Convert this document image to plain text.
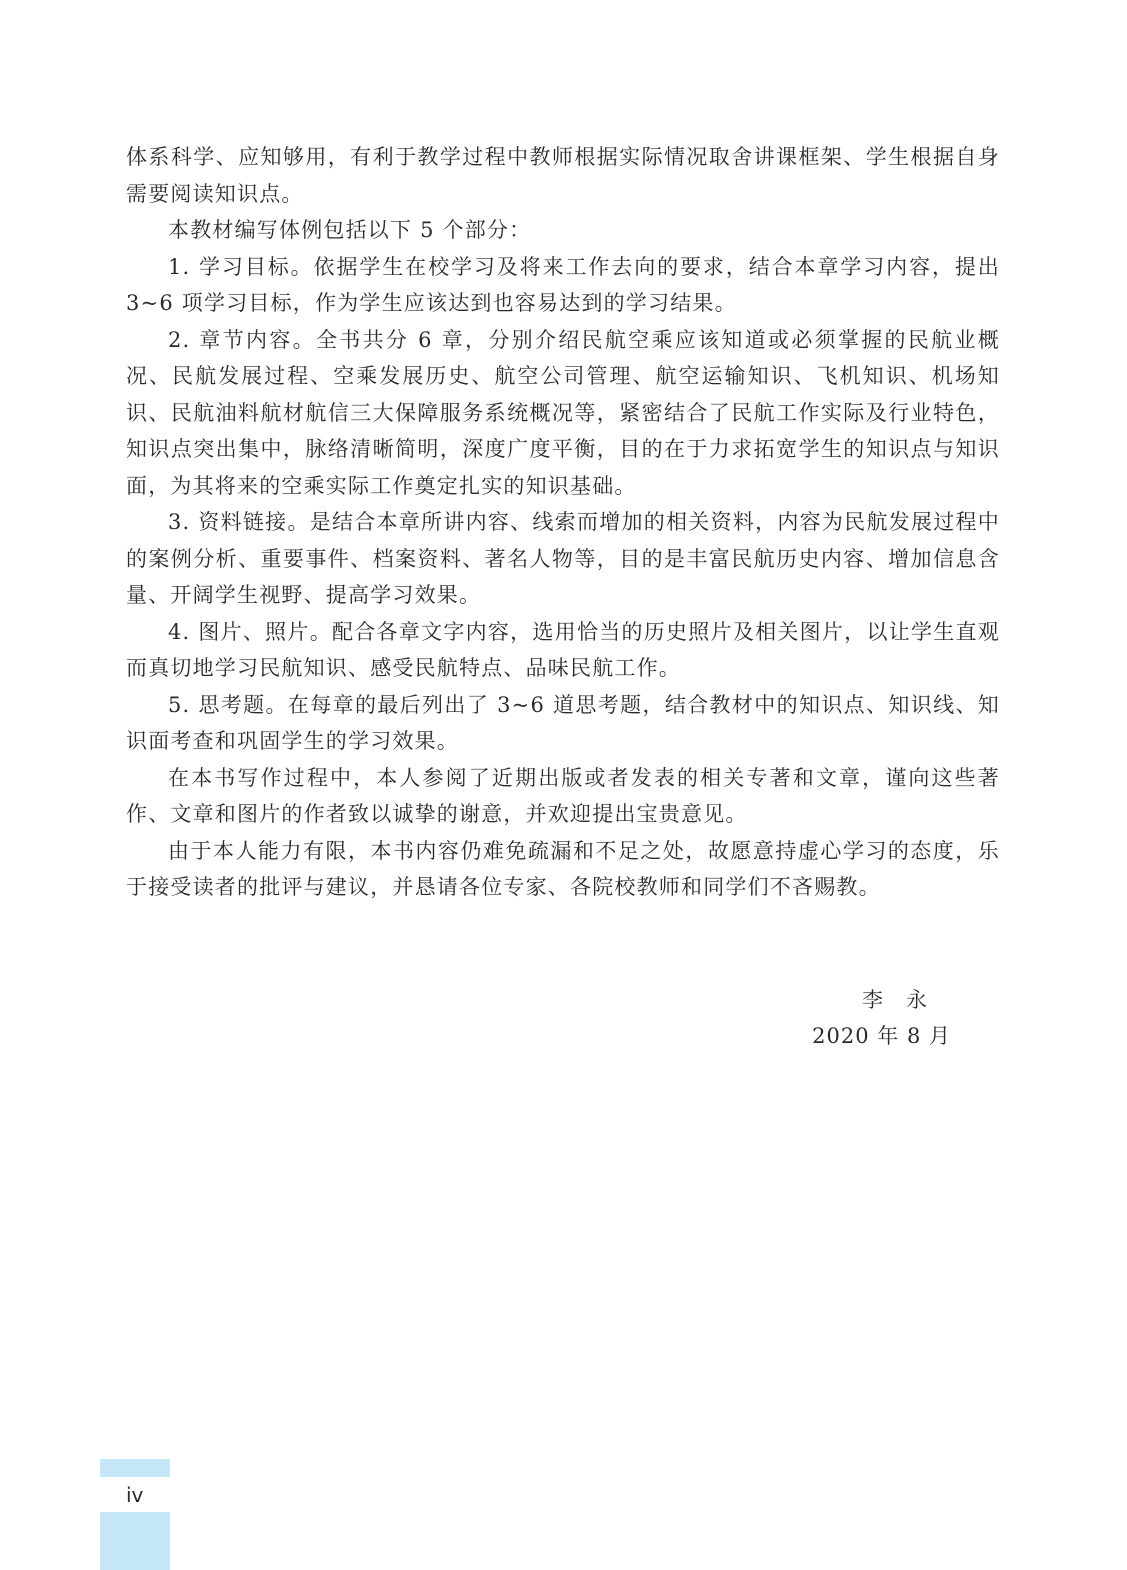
体系科学、应知够用，有利于教学过程中教师根据实际情况取舍讲课框架、学生根据自身需要阅读知识点。

本教材编写体例包括以下 5 个部分：

1. 学习目标。依据学生在校学习及将来工作去向的要求，结合本章学习内容，提出 3~6 项学习目标，作为学生应该达到也容易达到的学习结果。

2. 章节内容。全书共分 6 章，分别介绍民航空乘应该知道或必须掌握的民航业概况、民航发展过程、空乘发展历史、航空公司管理、航空运输知识、飞机知识、机场知识、民航油料航材航信三大保障服务系统概况等，紧密结合了民航工作实际及行业特色，知识点突出集中，脉络清晰简明，深度广度平衡，目的在于力求拓宽学生的知识点与知识面，为其将来的空乘实际工作奠定扎实的知识基础。

3. 资料链接。是结合本章所讲内容、线索而增加的相关资料，内容为民航发展过程中的案例分析、重要事件、档案资料、著名人物等，目的是丰富民航历史内容、增加信息含量、开阔学生视野、提高学习效果。

4. 图片、照片。配合各章文字内容，选用恰当的历史照片及相关图片，以让学生直观而真切地学习民航知识、感受民航特点、品味民航工作。

5. 思考题。在每章的最后列出了 3~6 道思考题，结合教材中的知识点、知识线、知识面考查和巩固学生的学习效果。

在本书写作过程中，本人参阅了近期出版或者发表的相关专著和文章，谨向这些著作、文章和图片的作者致以诚挚的谢意，并欢迎提出宝贵意见。

由于本人能力有限，本书内容仍难免疏漏和不足之处，故愿意持虚心学习的态度，乐于接受读者的批评与建议，并恳请各位专家、各院校教师和同学们不吝赐教。

李　永
2020 年 8 月
iv
